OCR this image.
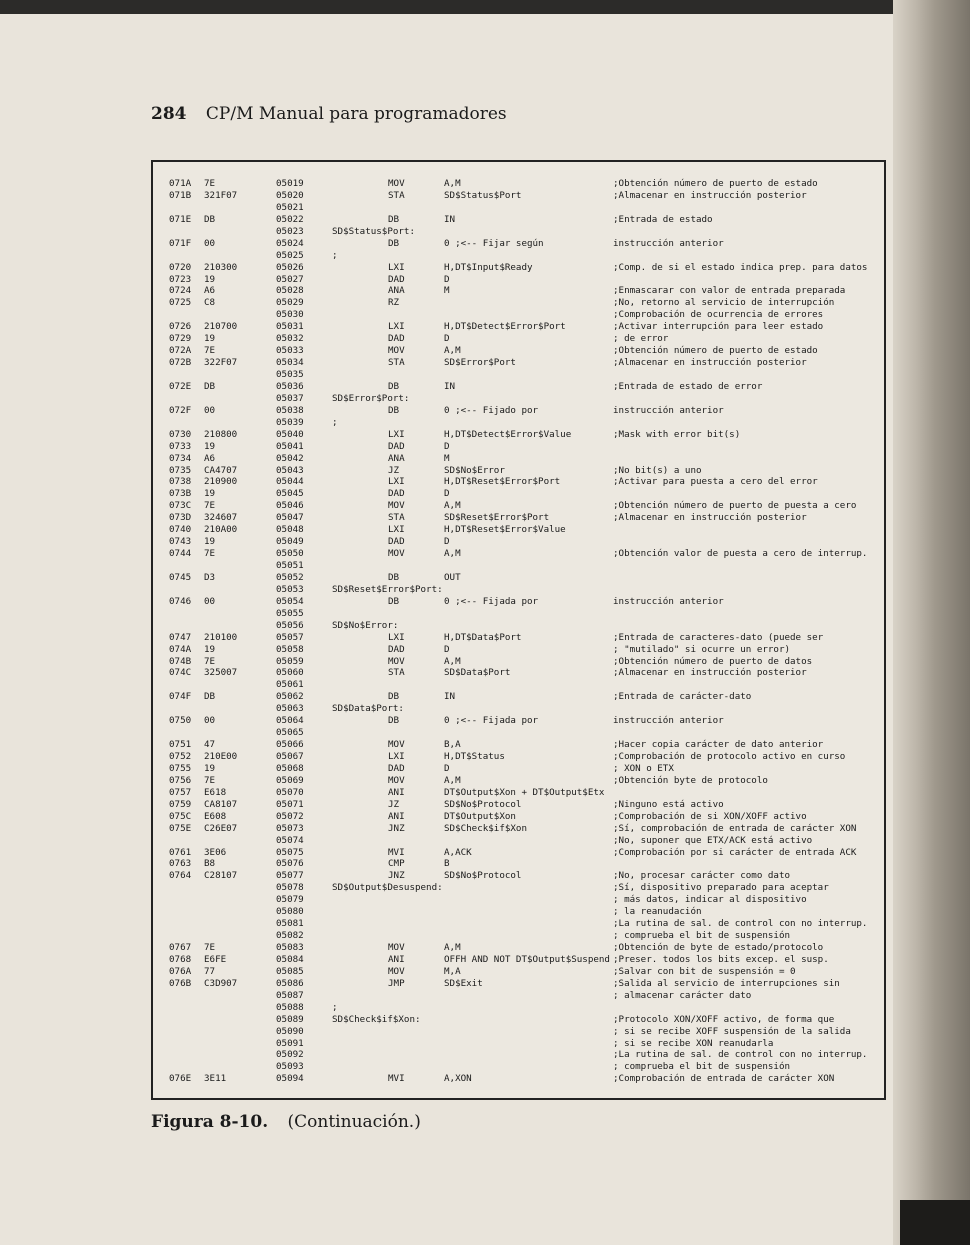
284 CP/M Manual para programadores
071A 7E	05019	MOV	A,M	;Obtención número de puerto de estado
071B 321F07	05020	STA	SD$Status$Port	;Almacenar en instrucción posterior
05021
071E DB	05022	DB	IN	;Entrada de estado
05023	SD$Status$Port:
071F 00	05024	DB	0 ;<-- Fijar según	instrucción anterior
05025	;
0720 210300	05026	LXI	H,DT$Input$Ready	;Comp. de si el estado indica prep. para datos
0723 19	05027	DAD	D
0724 A6	05028	ANA	M	;Enmascarar con valor de entrada preparada
0725 C8	05029	RZ	;No, retorno al servicio de interrupción
05030	;Comprobación de ocurrencia de errores
0726 210700	05031	LXI	H,DT$Detect$Error$Port	;Activar interrupción para leer estado
0729 19	05032	DAD	D	; de error
072A 7E	05033	MOV	A,M	;Obtención número de puerto de estado
072B 322F07	05034	STA	SD$Error$Port	;Almacenar en instrucción posterior
05035
072E DB	05036	DB	IN	;Entrada de estado de error
05037	SD$Error$Port:
072F 00	05038	DB	0 ;<-- Fijado por	instrucción anterior
05039	;
0730 210800	05040	LXI	H,DT$Detect$Error$Value	;Mask with error bit(s)
0733 19	05041	DAD	D
0734 A6	05042	ANA	M
0735 CA4707	05043	JZ	SD$No$Error	;No bit(s) a uno
0738 210900	05044	LXI	H,DT$Reset$Error$Port	;Activar para puesta a cero del error
073B 19	05045	DAD	D
073C 7E	05046	MOV	A,M	;Obtención número de puerto de puesta a cero
073D 324607	05047	STA	SD$Reset$Error$Port	;Almacenar en instrucción posterior
0740 210A00	05048	LXI	H,DT$Reset$Error$Value
0743 19	05049	DAD	D
0744 7E	05050	MOV	A,M	;Obtención valor de puesta a cero de interrup.
05051
0745 D3	05052	DB	OUT
05053	SD$Reset$Error$Port:
0746 00	05054	DB	0 ;<-- Fijada por	instrucción anterior
05055
05056	SD$No$Error:
0747 210100	05057	LXI	H,DT$Data$Port	;Entrada de caracteres-dato (puede ser
074A 19	05058	DAD	D	; "mutilado" si ocurre un error)
074B 7E	05059	MOV	A,M	;Obtención número de puerto de datos
074C 325007	05060	STA	SD$Data$Port	;Almacenar en instrucción posterior
05061
074F DB	05062	DB	IN	;Entrada de carácter-dato
05063	SD$Data$Port:
0750 00	05064	DB	0 ;<-- Fijada por	instrucción anterior
05065
0751 47	05066	MOV	B,A	;Hacer copia carácter de dato anterior
0752 210E00	05067	LXI	H,DT$Status	;Comprobación de protocolo activo en curso
0755 19	05068	DAD	D	; XON o ETX
0756 7E	05069	MOV	A,M	;Obtención byte de protocolo
0757 E618	05070	ANI	DT$Output$Xon + DT$Output$Etx
0759 CA8107	05071	JZ	SD$No$Protocol	;Ninguno está activo
075C E608	05072	ANI	DT$Output$Xon	;Comprobación de si XON/XOFF activo
075E C26E07	05073	JNZ	SD$Check$if$Xon	;Sí, comprobación de entrada de carácter XON
05074	;No, suponer que ETX/ACK está activo
0761 3E06	05075	MVI	A,ACK	;Comprobación por si carácter de entrada ACK
0763 B8	05076	CMP	B
0764 C28107	05077	JNZ	SD$No$Protocol	;No, procesar carácter como dato
05078	SD$Output$Desuspend:	;Sí, dispositivo preparado para aceptar
05079	; más datos, indicar al dispositivo
05080	; la reanudación
05081	;La rutina de sal. de control con no interrup.
05082	; comprueba el bit de suspensión
0767 7E	05083	MOV	A,M	;Obtención de byte de estado/protocolo
0768 E6FE	05084	ANI	OFFH AND NOT DT$Output$Suspend ;Preser. todos los bits excep. el susp.
076A 77	05085	MOV	M,A	;Salvar con bit de suspensión = 0
076B C3D907	05086	JMP	SD$Exit	;Salida al servicio de interrupciones sin
05087	; almacenar carácter dato
05088	;
05089	SD$Check$if$Xon:	;Protocolo XON/XOFF activo, de forma que
05090	; si se recibe XOFF suspensión de la salida
05091	; si se recibe XON reanudarla
05092	;La rutina de sal. de control con no interrup.
05093	; comprueba el bit de suspensión
076E 3E11	05094	MVI	A,XON	;Comprobación de entrada de carácter XON
Figura 8-10. (Continuación.)
